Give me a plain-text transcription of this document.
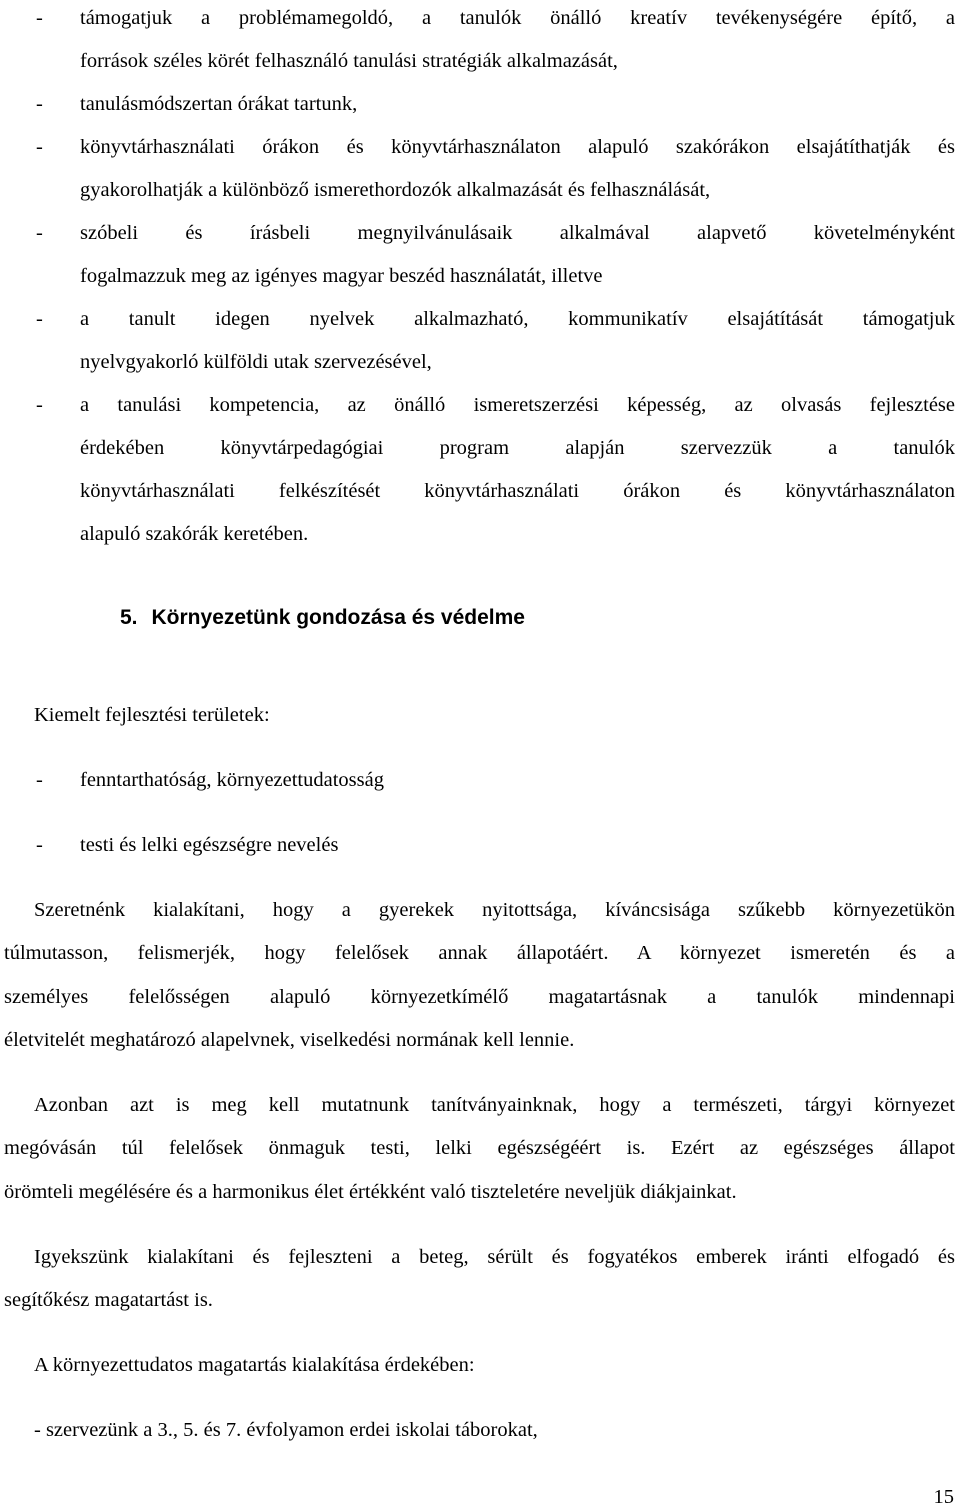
- támogatjuk a problémamegoldó, a tanulók önálló kreatív tevékenységére építő, a
források széles körét felhasználó tanulási stratégiák alkalmazását,
- tanulásmódszertan órákat tartunk,
- könyvtárhasználati órákon és könyvtárhasználaton alapuló szakórákon elsajátíthatják és
gyakorolhatják a különböző ismerethordozók alkalmazását és felhasználását,
- szóbeli és írásbeli megnyilvánulásaik alkalmával alapvető követelményként
fogalmazzuk meg az igényes magyar beszéd használatát, illetve
- a tanult idegen nyelvek alkalmazható, kommunikatív elsajátítását támogatjuk
nyelvgyakorló külföldi utak szervezésével,
- a tanulási kompetencia, az önálló ismeretszerzési képesség, az olvasás fejlesztése
érdekében könyvtárpedagógiai program alapján szervezzük a tanulók
könyvtárhasználati felkészítését könyvtárhasználati órákon és könyvtárhasználaton
alapuló szakórák keretében.
5. Környezetünk gondozása és védelme
Kiemelt fejlesztési területek:
- fenntarthatóság, környezettudatosság
- testi és lelki egészségre nevelés
Szeretnénk kialakítani, hogy a gyerekek nyitottsága, kíváncsisága szűkebb környezetükön
túlmutasson, felismerjék, hogy felelősek annak állapotáért. A környezet ismeretén és a
személyes felelősségen alapuló környezetkímélő magatartásnak a tanulók mindennapi
életvitelét meghatározó alapelvnek, viselkedési normának kell lennie.
Azonban azt is meg kell mutatnunk tanítványainknak, hogy a természeti, tárgyi környezet
megóvásán túl felelősek önmaguk testi, lelki egészségéért is. Ezért az egészséges állapot
örömteli megélésére és a harmonikus élet értékként való tiszteletére neveljük diákjainkat.
Igyekszünk kialakítani és fejleszteni a beteg, sérült és fogyatékos emberek iránti elfogadó és
segítőkész magatartást is.
A környezettudatos magatartás kialakítása érdekében:
- szervezünk a 3., 5. és 7. évfolyamon erdei iskolai táborokat,
15
